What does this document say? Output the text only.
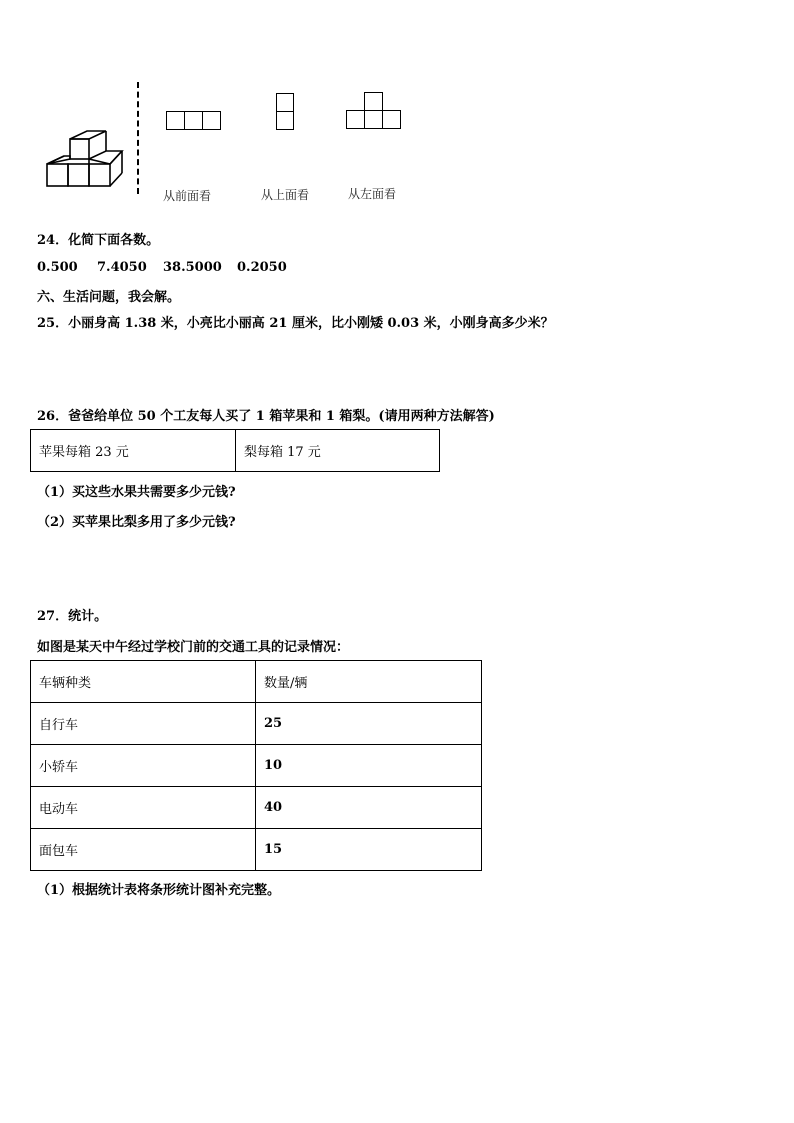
从前面看	从上面看	从左面看
24．化简下面各数。
0.500 7.4050 38.5000 0.2050
六、生活问题，我会解。
25．小丽身高 1.38 米，小亮比小丽高 21 厘米，比小刚矮 0.03 米，小刚身高多少米？
26．爸爸给单位 50 个工友每人买了 1 箱苹果和 1 箱梨。(请用两种方法解答)
苹果每箱 23 元	梨每箱 17 元
（1）买这些水果共需要多少元钱?
（2）买苹果比梨多用了多少元钱?
27．统计。
如图是某天中午经过学校门前的交通工具的记录情况：
车辆种类	数量/辆
自行车	25
小轿车	10
电动车	40
面包车	15
（1）根据统计表将条形统计图补充完整。
